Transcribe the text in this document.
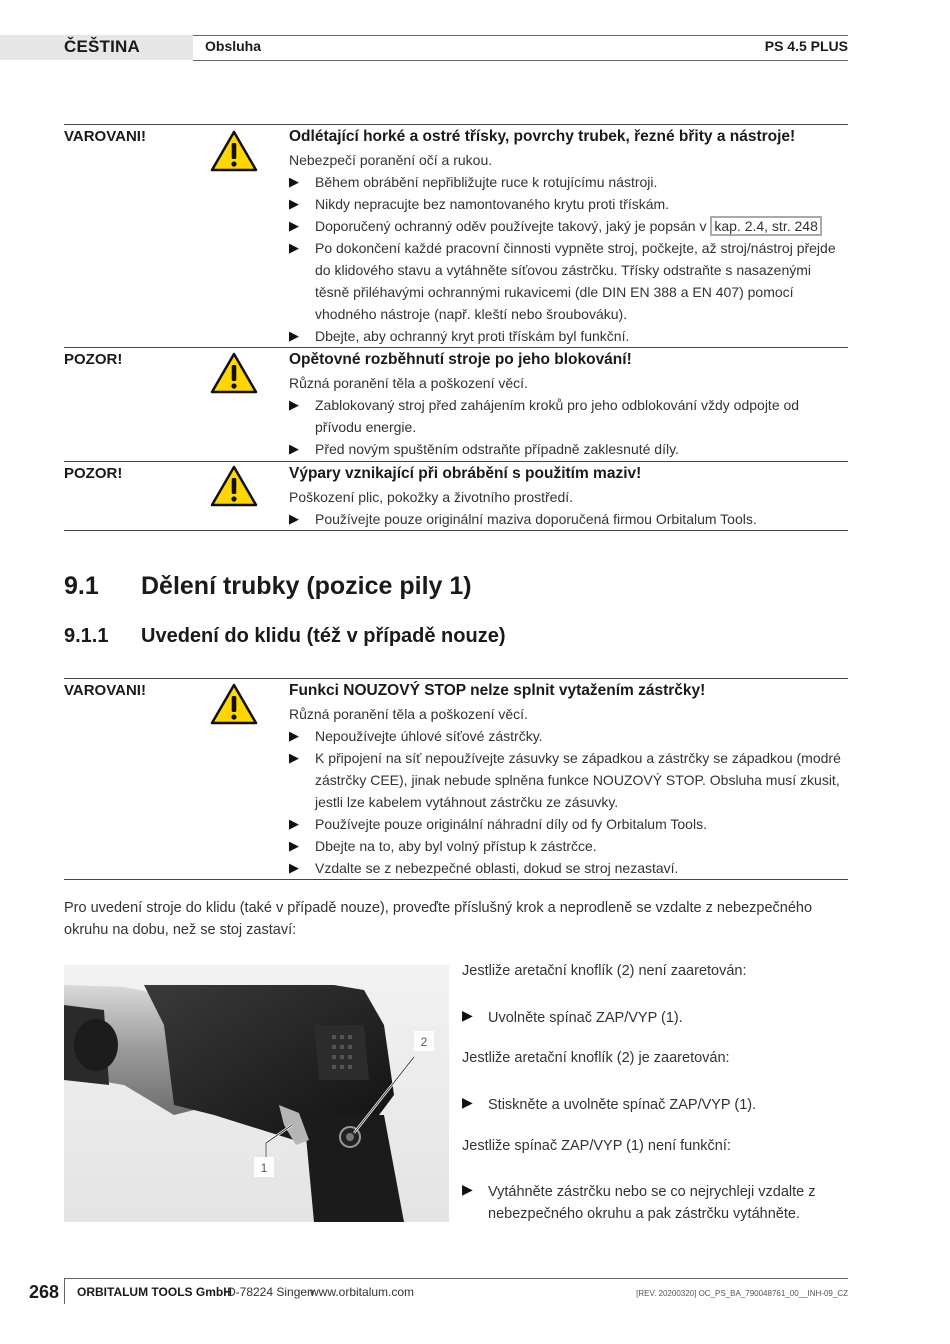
ČEŠTINA	Obsluha	PS 4.5 PLUS
VAROVANI!	Odlétající horké a ostré třísky, povrchy trubek, řezné břity a nástroje!
Nebezpečí poranění očí a rukou.
▶	Během obrábění nepřibližujte ruce k rotujícímu nástroji.
▶	Nikdy nepracujte bez namontovaného krytu proti třískám.
▶	Doporučený ochranný oděv používejte takový, jaký je popsán v kap. 2.4, str. 248
▶	Po dokončení každé pracovní činnosti vypněte stroj, počkejte, až stroj/nástroj přejde do klidového stavu a vytáhněte síťovou zástrčku. Třísky odstraňte s nasazenými těsně přiléhavými ochrannými rukavicemi (dle DIN EN 388 a EN 407) pomocí vhodného nástroje (např. kleští nebo šroubováku).
▶	Dbejte, aby ochranný kryt proti třískám byl funkční.
POZOR!	Opětovné rozběhnutí stroje po jeho blokování!
Různá poranění těla a poškození věcí.
▶	Zablokovaný stroj před zahájením kroků pro jeho odblokování vždy odpojte od přívodu energie.
▶	Před novým spuštěním odstraňte případně zaklesnuté díly.
POZOR!	Výpary vznikající při obrábění s použitím maziv!
Poškození plic, pokožky a životního prostředí.
▶	Používejte pouze originální maziva doporučená firmou Orbitalum Tools.
9.1 Dělení trubky (pozice pily 1)
9.1.1 Uvedení do klidu (též v případě nouze)
VAROVANI!	Funkci NOUZOVÝ STOP nelze splnit vytažením zástrčky!
Různá poranění těla a poškození věcí.
▶	Nepoužívejte úhlové síťové zástrčky.
▶	K připojení na síť nepoužívejte zásuvky se západkou a zástrčky se západkou (modré zástrčky CEE), jinak nebude splněna funkce NOUZOVÝ STOP. Obsluha musí zkusit, jestli lze kabelem vytáhnout zástrčku ze zásuvky.
▶	Používejte pouze originální náhradní díly od fy Orbitalum Tools.
▶	Dbejte na to, aby byl volný přístup k zástrčce.
▶	Vzdalte se z nebezpečné oblasti, dokud se stroj nezastaví.
Pro uvedení stroje do klidu (také v případě nouze), proveďte příslušný krok a neprodleně se vzdalte z nebezpečného okruhu na dobu, než se stoj zastaví:
2
1
Jestliže aretační knoflík (2) není zaaretován:
▶	Uvolněte spínač ZAP/VYP (1).
Jestliže aretační knoflík (2) je zaaretován:
▶	Stiskněte a uvolněte spínač ZAP/VYP (1).
Jestliže spínač ZAP/VYP (1) není funkční:
▶	Vytáhněte zástrčku nebo se co nejrychleji vzdalte z nebezpečného okruhu a pak zástrčku vytáhněte.
268 ORBITALUM TOOLS GmbH
D-78224 Singen
www.orbitalum.com	[REV. 20200320] OC_PS_BA_790048761_00__INH-09_CZ
